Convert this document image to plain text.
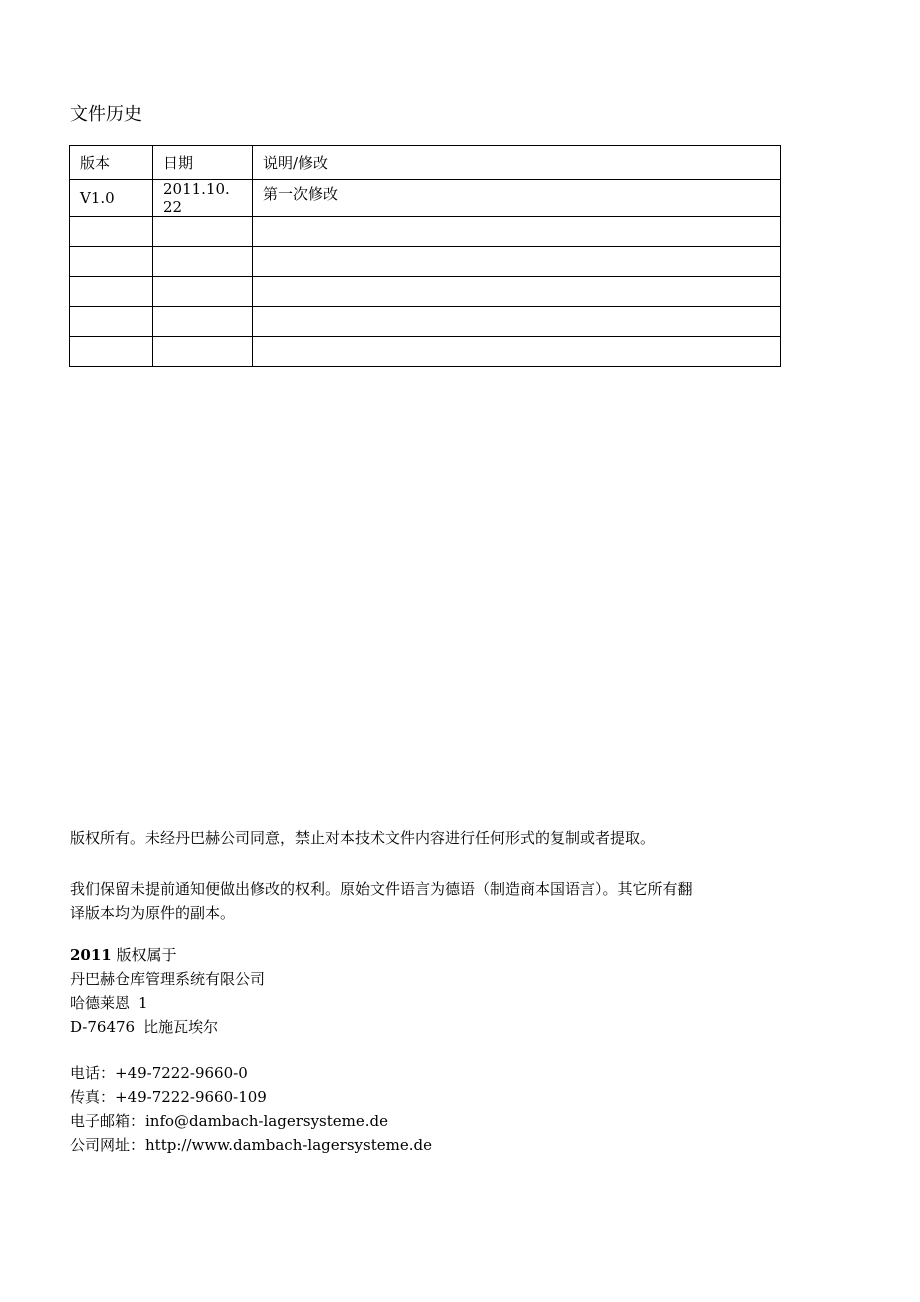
文件历史
版本	日期	说明/修改
V1.0	2011.10. 22	第一次修改

版权所有。未经丹巴赫公司同意，禁止对本技术文件内容进行任何形式的复制或者提取。
我们保留未提前通知便做出修改的权利。原始文件语言为德语（制造商本国语言）。其它所有翻
译版本均为原件的副本。
2011 版权属于
丹巴赫仓库管理系统有限公司
哈德莱恩 1
D-76476 比施瓦埃尔
电话：+49-7222-9660-0
传真：+49-7222-9660-109
电子邮箱：info@dambach-lagersysteme.de
公司网址：http://www.dambach-lagersysteme.de
